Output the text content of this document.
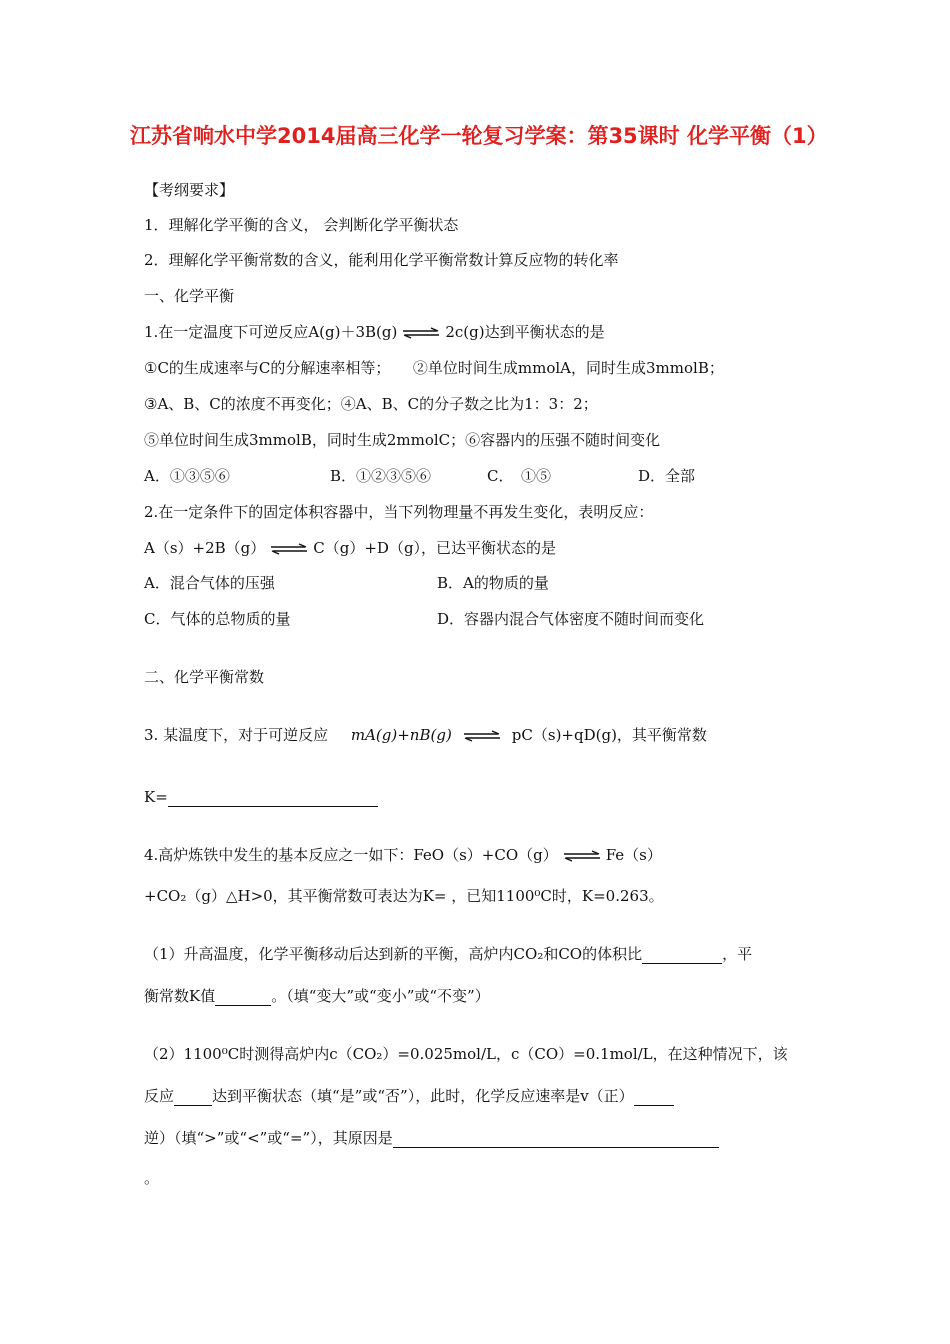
江苏省响水中学2014届高三化学一轮复习学案：第35课时 化学平衡（1）
【考纲要求】
1．理解化学平衡的含义， 会判断化学平衡状态
2．理解化学平衡常数的含义，能利用化学平衡常数计算反应物的转化率
一、化学平衡
1.在一定温度下可逆反应A(g)＋3B(g) ⇌ 2c(g)达到平衡状态的是
①C的生成速率与C的分解速率相等；　　②单位时间生成mmolA，同时生成3mmolB；
③A、B、C的浓度不再变化；④A、B、C的分子数之比为1：3：2；
⑤单位时间生成3mmolB，同时生成2mmolC；⑥容器内的压强不随时间变化
A．①③⑤⑥	B．①②③⑤⑥	C．　①⑤	D．全部
2.在一定条件下的固定体积容器中，当下列物理量不再发生变化，表明反应：
A（s）+2B（g） ⇌ C（g）+D（g），已达平衡状态的是
A．混合气体的压强	B．A的物质的量
C．气体的总物质的量	D．容器内混合气体密度不随时间而变化
二、化学平衡常数
3. 某温度下，对于可逆反应 mA(g)+nB(g) ⇌ pC（s)+qD(g)，其平衡常数
K=
4.高炉炼铁中发生的基本反应之一如下：FeO（s）+CO（g） ⇌ Fe（s）
+CO₂（g）△H>0，其平衡常数可表达为K= ，已知1100⁰C时，K=0.263。
（1）升高温度，化学平衡移动后达到新的平衡，高炉内CO₂和CO的体积比	，平
衡常数K值	。（填“变大”或“变小”或“不变”）
（2）1100⁰C时测得高炉内c（CO₂）=0.025mol/L，c（CO）=0.1mol/L，在这种情况下，该
反应	达到平衡状态（填“是”或“否”），此时，化学反应速率是v（正）
逆）（填“>”或“<”或“=”），其原因是
。
